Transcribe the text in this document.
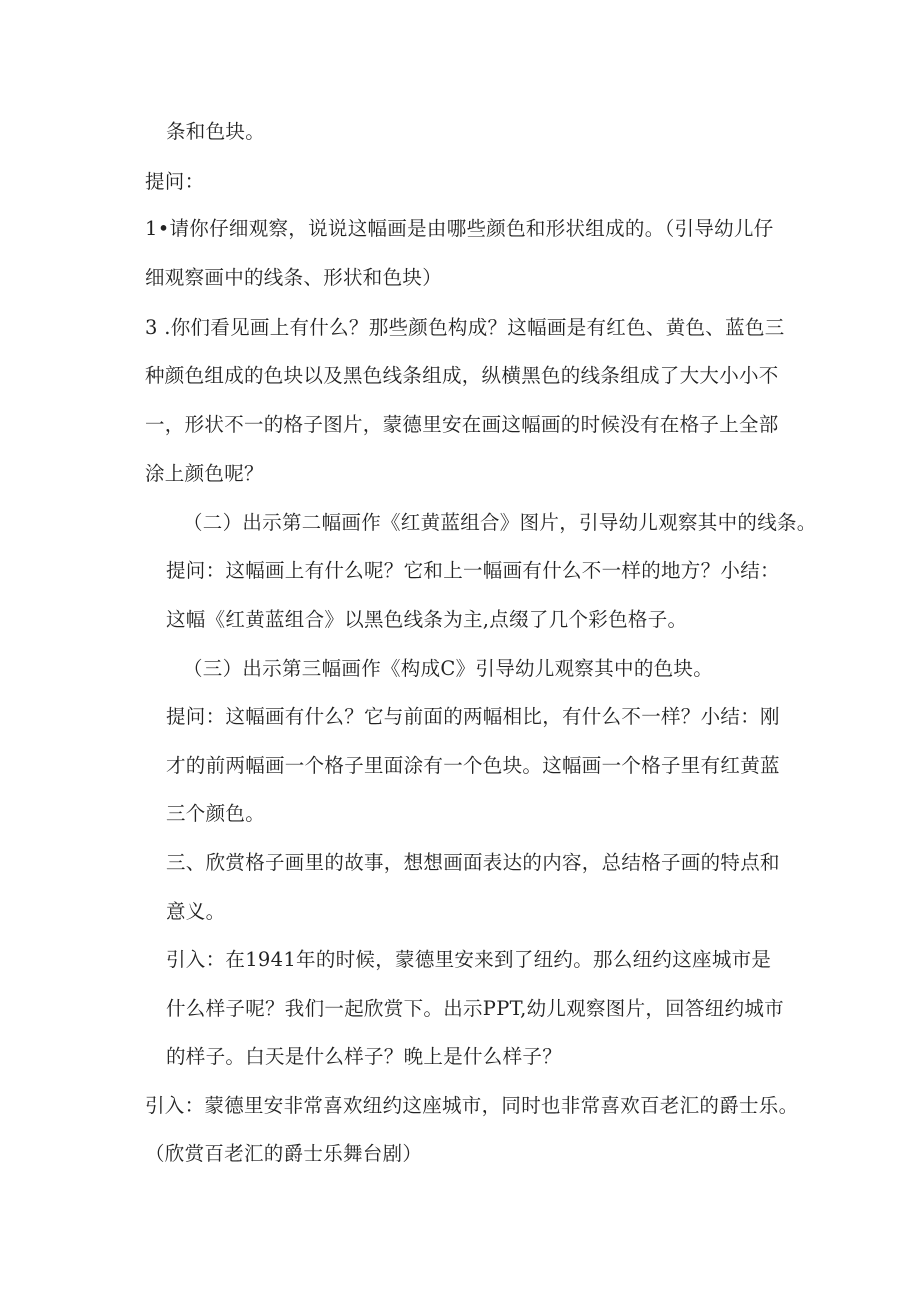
条和色块。
提问：
1•请你仔细观察，说说这幅画是由哪些颜色和形状组成的。（引导幼儿仔
细观察画中的线条、形状和色块）
3 .你们看见画上有什么？那些颜色构成？这幅画是有红色、黄色、蓝色三
种颜色组成的色块以及黑色线条组成，纵横黑色的线条组成了大大小小不
一，形状不一的格子图片，蒙德里安在画这幅画的时候没有在格子上全部
涂上颜色呢？
（二）出示第二幅画作《红黄蓝组合》图片，引导幼儿观察其中的线条。
提问：这幅画上有什么呢？它和上一幅画有什么不一样的地方？小结：
这幅《红黄蓝组合》以黑色线条为主,点缀了几个彩色格子。
（三）出示第三幅画作《构成C》引导幼儿观察其中的色块。
提问：这幅画有什么？它与前面的两幅相比，有什么不一样？小结：刚
才的前两幅画一个格子里面涂有一个色块。这幅画一个格子里有红黄蓝
三个颜色。
三、欣赏格子画里的故事，想想画面表达的内容，总结格子画的特点和
意义。
引入：在1941年的时候，蒙德里安来到了纽约。那么纽约这座城市是
什么样子呢？我们一起欣赏下。出示PPT,幼儿观察图片，回答纽约城市
的样子。白天是什么样子？晚上是什么样子？
引入：蒙德里安非常喜欢纽约这座城市，同时也非常喜欢百老汇的爵士乐。
（欣赏百老汇的爵士乐舞台剧）
